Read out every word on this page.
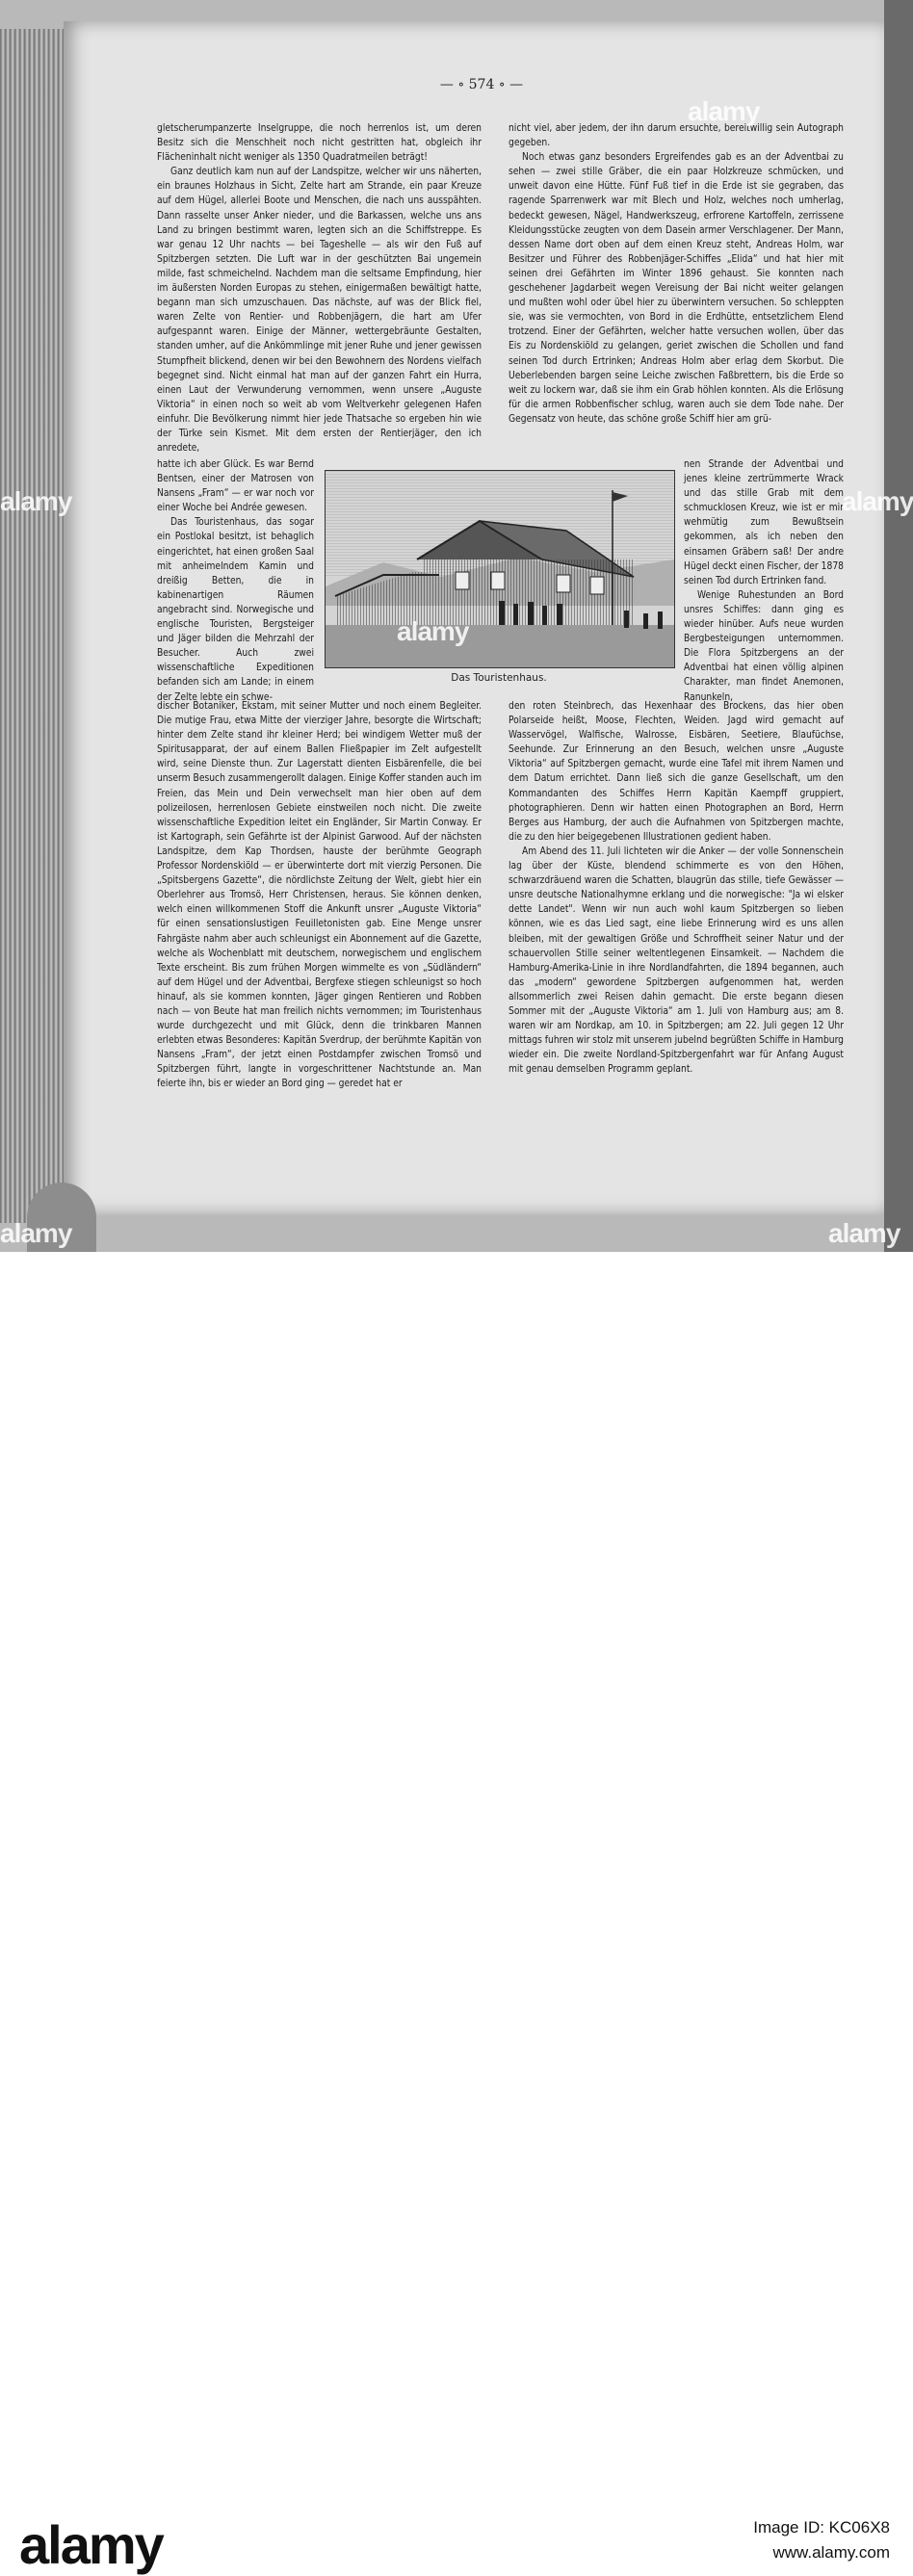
— ∘ 574 ∘ —

gletscherumpanzerte Inselgruppe, die noch herrenlos ist, um deren Besitz sich die Menschheit noch nicht gestritten hat, obgleich ihr Flächeninhalt nicht weniger als 1350 Quadratmeilen beträgt!

Ganz deutlich kam nun auf der Landspitze, welcher wir uns näherten, ein braunes Holzhaus in Sicht, Zelte hart am Strande, ein paar Kreuze auf dem Hügel, allerlei Boote und Menschen, die nach uns ausspähten. Dann rasselte unser Anker nieder, und die Barkassen, welche uns ans Land zu bringen bestimmt waren, legten sich an die Schiffstreppe. Es war genau 12 Uhr nachts — bei Tageshelle — als wir den Fuß auf Spitzbergen setzten. Die Luft war in der geschützten Bai ungemein milde, fast schmeichelnd. Nachdem man die seltsame Empfindung, hier im äußersten Norden Europas zu stehen, einigermaßen bewältigt hatte, begann man sich umzuschauen. Das nächste, auf was der Blick fiel, waren Zelte von Rentier- und Robbenjägern, die hart am Ufer aufgespannt waren. Einige der Männer, wettergebräunte Gestalten, standen umher, auf die Ankömmlinge mit jener Ruhe und jener gewissen Stumpfheit blickend, denen wir bei den Bewohnern des Nordens vielfach begegnet sind. Nicht einmal hat man auf der ganzen Fahrt ein Hurra, einen Laut der Verwunderung vernommen, wenn unsere „Auguste Viktoria“ in einen noch so weit ab vom Weltverkehr gelegenen Hafen einfuhr. Die Bevölkerung nimmt hier jede Thatsache so ergeben hin wie der Türke sein Kismet. Mit dem ersten der Rentierjäger, den ich anredete,

hatte ich aber Glück. Es war Bernd Bentsen, einer der Matrosen von Nansens „Fram“ — er war noch vor einer Woche bei Andrée gewesen.

Das Touristenhaus, das sogar ein Postlokal besitzt, ist behaglich eingerichtet, hat einen großen Saal mit anheimelndem Kamin und dreißig Betten, die in kabinenartigen Räumen angebracht sind. Norwegische und englische Touristen, Bergsteiger und Jäger bilden die Mehrzahl der Besucher. Auch zwei wissenschaftliche Expeditionen befanden sich am Lande; in einem der Zelte lebte ein schwe-

discher Botaniker, Ekstam, mit seiner Mutter und noch einem Begleiter. Die mutige Frau, etwa Mitte der vierziger Jahre, besorgte die Wirtschaft; hinter dem Zelte stand ihr kleiner Herd; bei windigem Wetter muß der Spiritusapparat, der auf einem Ballen Fließpapier im Zelt aufgestellt wird, seine Dienste thun. Zur Lagerstatt dienten Eisbärenfelle, die bei unserm Besuch zusammengerollt dalagen. Einige Koffer standen auch im Freien, das Mein und Dein verwechselt man hier oben auf dem polizeilosen, herrenlosen Gebiete einstweilen noch nicht. Die zweite wissenschaftliche Expedition leitet ein Engländer, Sir Martin Conway. Er ist Kartograph, sein Gefährte ist der Alpinist Garwood. Auf der nächsten Landspitze, dem Kap Thordsen, hauste der berühmte Geograph Professor Nordenskiöld — er überwinterte dort mit vierzig Personen. Die „Spitsbergens Gazette“, die nördlichste Zeitung der Welt, giebt hier ein Oberlehrer aus Tromsö, Herr Christensen, heraus. Sie können denken, welch einen willkommenen Stoff die Ankunft unsrer „Auguste Viktoria“ für einen sensationslustigen Feuilletonisten gab. Eine Menge unsrer Fahrgäste nahm aber auch schleunigst ein Abonnement auf die Gazette, welche als Wochenblatt mit deutschem, norwegischem und englischem Texte erscheint. Bis zum frühen Morgen wimmelte es von „Südländern“ auf dem Hügel und der Adventbai, Bergfexe stiegen schleunigst so hoch hinauf, als sie kommen konnten, Jäger gingen Rentieren und Robben nach — von Beute hat man freilich nichts vernommen; im Touristenhaus wurde durchgezecht und mit Glück, denn die trinkbaren Mannen erlebten etwas Besonderes: Kapitän Sverdrup, der berühmte Kapitän von Nansens „Fram“, der jetzt einen Postdampfer zwischen Tromsö und Spitzbergen führt, langte in vorgeschrittener Nachtstunde an. Man feierte ihn, bis er wieder an Bord ging — geredet hat er

nicht viel, aber jedem, der ihn darum ersuchte, bereitwillig sein Autograph gegeben.

Noch etwas ganz besonders Ergreifendes gab es an der Adventbai zu sehen — zwei stille Gräber, die ein paar Holzkreuze schmücken, und unweit davon eine Hütte. Fünf Fuß tief in die Erde ist sie gegraben, das ragende Sparrenwerk war mit Blech und Holz, welches noch umherlag, bedeckt gewesen, Nägel, Handwerkszeug, erfrorene Kartoffeln, zerrissene Kleidungsstücke zeugten von dem Dasein armer Verschlagener. Der Mann, dessen Name dort oben auf dem einen Kreuz steht, Andreas Holm, war Besitzer und Führer des Robbenjäger-Schiffes „Elida“ und hat hier mit seinen drei Gefährten im Winter 1896 gehaust. Sie konnten nach geschehener Jagdarbeit wegen Vereisung der Bai nicht weiter gelangen und mußten wohl oder übel hier zu überwintern versuchen. So schleppten sie, was sie vermochten, von Bord in die Erdhütte, entsetzlichem Elend trotzend. Einer der Gefährten, welcher hatte versuchen wollen, über das Eis zu Nordenskiöld zu gelangen, geriet zwischen die Schollen und fand seinen Tod durch Ertrinken; Andreas Holm aber erlag dem Skorbut. Die Ueberlebenden bargen seine Leiche zwischen Faßbrettern, bis die Erde so weit zu lockern war, daß sie ihm ein Grab höhlen konnten. Als die Erlösung für die armen Robbenfischer schlug, waren auch sie dem Tode nahe. Der Gegensatz von heute, das schöne große Schiff hier am grü-

nen Strande der Adventbai und jenes kleine zertrümmerte Wrack und das stille Grab mit dem schmucklosen Kreuz, wie ist er mir wehmütig zum Bewußtsein gekommen, als ich neben den einsamen Gräbern saß! Der andre Hügel deckt einen Fischer, der 1878 seinen Tod durch Ertrinken fand.

Wenige Ruhestunden an Bord unsres Schiffes: dann ging es wieder hinüber. Aufs neue wurden Bergbesteigungen unternommen. Die Flora Spitzbergens an der Adventbai hat einen völlig alpinen Charakter, man findet Anemonen, Ranunkeln,

den roten Steinbrech, das Hexenhaar des Brockens, das hier oben Polarseide heißt, Moose, Flechten, Weiden. Jagd wird gemacht auf Wasservögel, Walfische, Walrosse, Eisbären, Seetiere, Blaufüchse, Seehunde. Zur Erinnerung an den Besuch, welchen unsre „Auguste Viktoria“ auf Spitzbergen gemacht, wurde eine Tafel mit ihrem Namen und dem Datum errichtet. Dann ließ sich die ganze Gesellschaft, um den Kommandanten des Schiffes Herrn Kapitän Kaempff gruppiert, photographieren. Denn wir hatten einen Photographen an Bord, Herrn Berges aus Hamburg, der auch die Aufnahmen von Spitzbergen machte, die zu den hier beigegebenen Illustrationen gedient haben.

Am Abend des 11. Juli lichteten wir die Anker — der volle Sonnenschein lag über der Küste, blendend schimmerte es von den Höhen, schwarzdräuend waren die Schatten, blaugrün das stille, tiefe Gewässer — unsre deutsche Nationalhymne erklang und die norwegische: "Ja wi elsker dette Landet". Wenn wir nun auch wohl kaum Spitzbergen so lieben können, wie es das Lied sagt, eine liebe Erinnerung wird es uns allen bleiben, mit der gewaltigen Größe und Schroffheit seiner Natur und der schauervollen Stille seiner weltentlegenen Einsamkeit. — Nachdem die Hamburg-Amerika-Linie in ihre Nordlandfahrten, die 1894 begannen, auch das „modern“ gewordene Spitzbergen aufgenommen hat, werden allsommerlich zwei Reisen dahin gemacht. Die erste begann diesen Sommer mit der „Auguste Viktoria“ am 1. Juli von Hamburg aus; am 8. waren wir am Nordkap, am 10. in Spitzbergen; am 22. Juli gegen 12 Uhr mittags fuhren wir stolz mit unserem jubelnd begrüßten Schiffe in Hamburg wieder ein. Die zweite Nordland-Spitzbergenfahrt war für Anfang August mit genau demselben Programm geplant.

Das Touristenhaus.
alamy
alamy
alamy
alamy
alamy	alamy
alamy	Image ID: KC06X8
www.alamy.com
